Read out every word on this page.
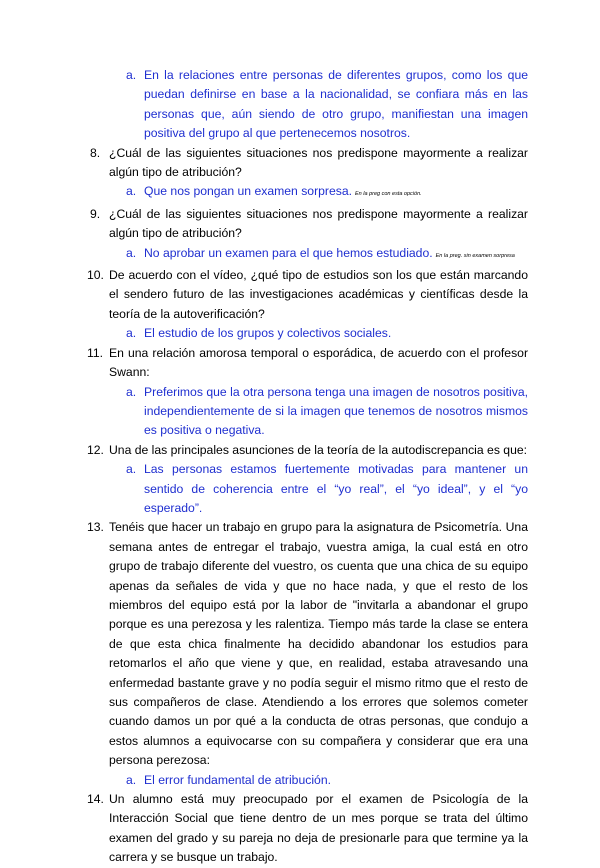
a. En la relaciones entre personas de diferentes grupos, como los que puedan definirse en base a la nacionalidad, se confiara más en las personas que, aún siendo de otro grupo, manifiestan una imagen positiva del grupo al que pertenecemos nosotros.
8. ¿Cuál de las siguientes situaciones nos predispone mayormente a realizar algún tipo de atribución?
a. Que nos pongan un examen sorpresa. En la preg con esta opción.
9. ¿Cuál de las siguientes situaciones nos predispone mayormente a realizar algún tipo de atribución?
a. No aprobar un examen para el que hemos estudiado. En la preg. sin examen sorpresa
10. De acuerdo con el vídeo, ¿qué tipo de estudios son los que están marcando el sendero futuro de las investigaciones académicas y científicas desde la teoría de la autoverificación?
a. El estudio de los grupos y colectivos sociales.
11. En una relación amorosa temporal o esporádica, de acuerdo con el profesor Swann:
a. Preferimos que la otra persona tenga una imagen de nosotros positiva, independientemente de si la imagen que tenemos de nosotros mismos es positiva o negativa.
12. Una de las principales asunciones de la teoría de la autodiscrepancia es que:
a. Las personas estamos fuertemente motivadas para mantener un sentido de coherencia entre el “yo real”, el “yo ideal”, y el “yo esperado”.
13. Tenéis que hacer un trabajo en grupo para la asignatura de Psicometría. Una semana antes de entregar el trabajo, vuestra amiga, la cual está en otro grupo de trabajo diferente del vuestro, os cuenta que una chica de su equipo apenas da señales de vida y que no hace nada, y que el resto de los miembros del equipo está por la labor de "invitarla a abandonar el grupo porque es una perezosa y les ralentiza. Tiempo más tarde la clase se entera de que esta chica finalmente ha decidido abandonar los estudios para retomarlos el año que viene y que, en realidad, estaba atravesando una enfermedad bastante grave y no podía seguir el mismo ritmo que el resto de sus compañeros de clase. Atendiendo a los errores que solemos cometer cuando damos un por qué a la conducta de otras personas, que condujo a estos alumnos a equivocarse con su compañera y considerar que era una persona perezosa:
a. El error fundamental de atribución.
14. Un alumno está muy preocupado por el examen de Psicología de la Interacción Social que tiene dentro de un mes porque se trata del último examen del grado y su pareja no deja de presionarle para que termine ya la carrera y se busque un trabajo.
